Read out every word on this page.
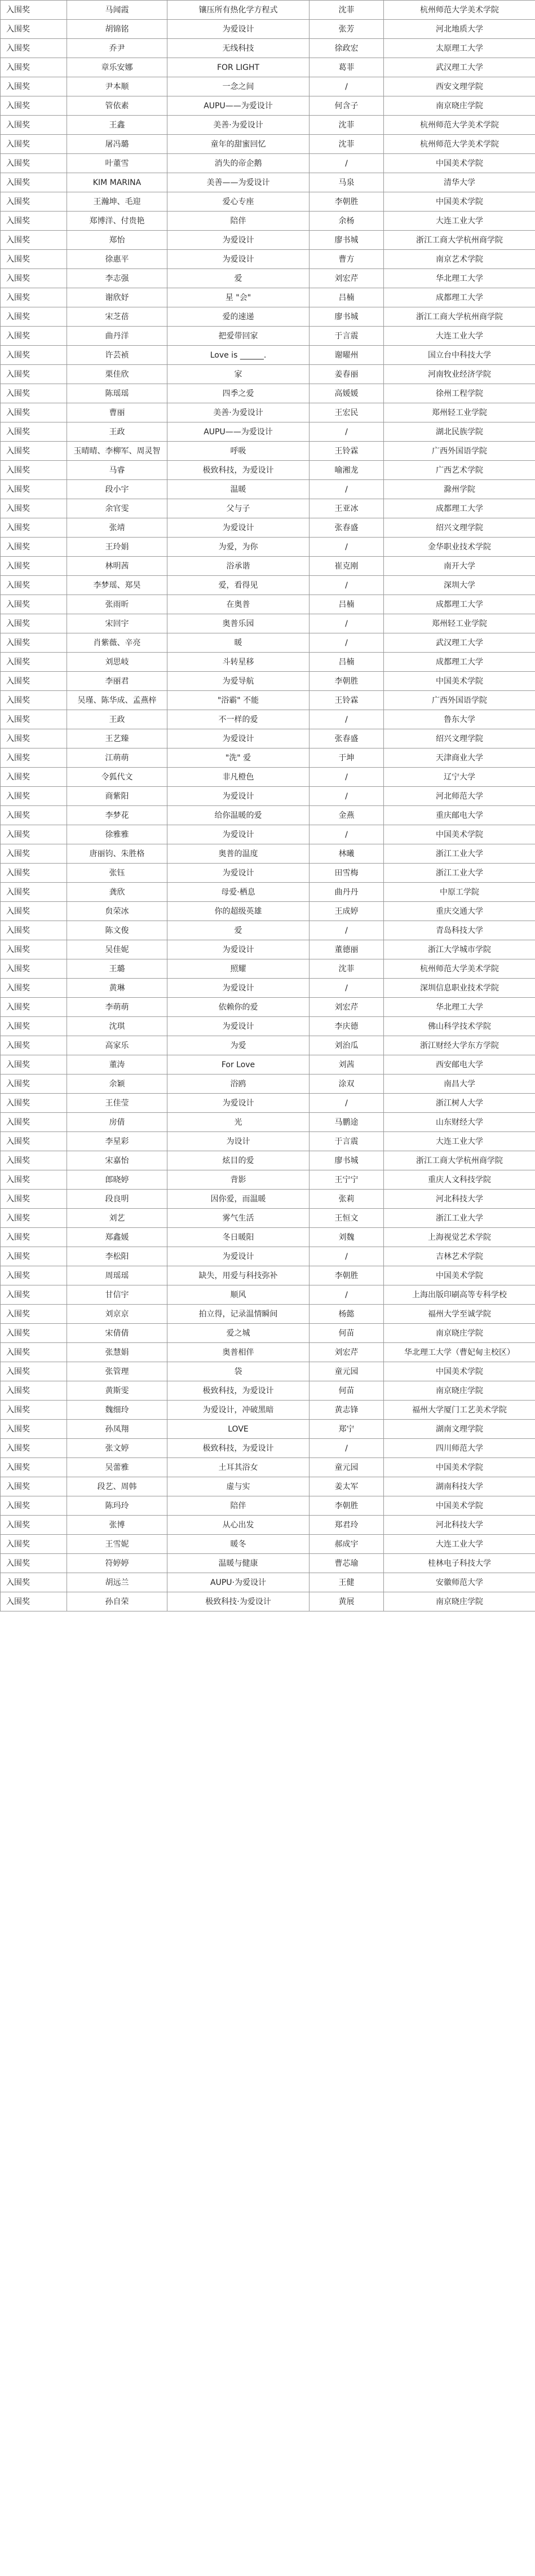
入围奖	马闻霞	镶压所有热化学方程式	沈菲	杭州师范大学美术学院
入围奖	胡锦铭	为爱设计	张芳	河北地质大学
入围奖	乔尹	无线科技	徐政宏	太原理工大学
入围奖	章乐安娜	FOR LIGHT	葛菲	武汉理工大学
入围奖	尹本顺	一念之间	/	西安文理学院
入围奖	管依素	AUPU——为爱设计	何含子	南京晓庄学院
入围奖	王鑫	美善·为爱设计	沈菲	杭州师范大学美术学院
入围奖	屠冯璐	童年的甜蜜回忆	沈菲	杭州师范大学美术学院
入围奖	叶董雪	消失的帝企鹅	/	中国美术学院
入围奖	KIM MARINA	美善——为爱设计	马泉	清华大学
入围奖	王瀚坤、毛迎	爱心专座	李朝胜	中国美术学院
入围奖	郑博洋、付贵艳	陪伴	余杨	大连工业大学
入围奖	郑怡	为爱设计	廖书城	浙江工商大学杭州商学院
入围奖	徐惠平	为爱设计	曹方	南京艺术学院
入围奖	李志强	爱	刘宏芹	华北理工大学
入围奖	谢欣妤	星 "会"	吕楠	成都理工大学
入围奖	宋芝蓓	爱的速递	廖书城	浙江工商大学杭州商学院
入围奖	曲丹洋	把爱带回家	于言震	大连工业大学
入围奖	许芸祯	Love is ______.	谢曜州	国立台中科技大学
入围奖	栗佳欣	家	姜春丽	河南牧业经济学院
入围奖	陈瑶瑶	四季之爱	高媛媛	徐州工程学院
入围奖	曹丽	美善·为爱设计	王宏民	郑州轻工业学院
入围奖	王政	AUPU——为爱设计	/	湖北民族学院
入围奖	玉晴晴、李柳军、周灵智	呼吸	王铃霖	广西外国语学院
入围奖	马睿	极致科技，为爱设计	喻湘龙	广西艺术学院
入围奖	段小宇	温暖	/	滁州学院
入围奖	余官雯	父与子	王亚冰	成都理工大学
入围奖	张靖	为爱设计	张春盛	绍兴文理学院
入围奖	王玲娟	为爱，为你	/	金华职业技术学院
入围奖	林明茜	浴承谐	崔克刚	南开大学
入围奖	李梦瑶、郑昊	爱，看得见	/	深圳大学
入围奖	张雨昕	在奥普	吕楠	成都理工大学
入围奖	宋回宇	奥普乐园	/	郑州轻工业学院
入围奖	肖紫薇、辛亮	暖	/	武汉理工大学
入围奖	刘思岐	斗转星移	吕楠	成都理工大学
入围奖	李丽君	为爱导航	李朝胜	中国美术学院
入围奖	吴瑾、陈华成、孟燕梓	"浴霸" 不能	王铃霖	广西外国语学院
入围奖	王政	不一样的爱	/	鲁东大学
入围奖	王艺臻	为爱设计	张春盛	绍兴文理学院
入围奖	江萌萌	"洗" 爱	于坤	天津商业大学
入围奖	令狐代文	非凡橙色	/	辽宁大学
入围奖	商紫阳	为爱设计	/	河北师范大学
入围奖	李梦花	给你温暖的爱	金燕	重庆邮电大学
入围奖	徐雅雅	为爱设计	/	中国美术学院
入围奖	唐丽钧、朱胜格	奥普的温度	林曦	浙江工业大学
入围奖	张钰	为爱设计	田雪梅	浙江工业大学
入围奖	龚欣	母爱·栖息	曲丹丹	中原工学院
入围奖	贠荣冰	你的超级英雄	王成婷	重庆交通大学
入围奖	陈文俊	爱	/	青岛科技大学
入围奖	吴佳妮	为爱设计	董德丽	浙江大学城市学院
入围奖	王璐	照耀	沈菲	杭州师范大学美术学院
入围奖	黄琳	为爱设计	/	深圳信息职业技术学院
入围奖	李萌萌	依赖你的爱	刘宏芹	华北理工大学
入围奖	沈琪	为爱设计	李庆德	佛山科学技术学院
入围奖	高家乐	为爱	刘治瓜	浙江财经大学东方学院
入围奖	董涛	For Love	刘茜	西安邮电大学
入围奖	余颖	浴鸥	涂双	南昌大学
入围奖	王佳莹	为爱设计	/	浙江树人大学
入围奖	房倩	光	马鹏途	山东财经大学
入围奖	李星彩	为设计	于言震	大连工业大学
入围奖	宋嘉怡	炫目的爱	廖书城	浙江工商大学杭州商学院
入围奖	郎晓婷	背影	王宁宁	重庆人文科技学院
入围奖	段良明	因你爱，而温暖	张莉	河北科技大学
入围奖	刘艺	雾气生活	王恒文	浙江工业大学
入围奖	郑鑫媛	冬日暖阳	刘魏	上海视觉艺术学院
入围奖	李松阳	为爱设计	/	吉林艺术学院
入围奖	周瑶瑶	缺失，用爱与科技弥补	李朝胜	中国美术学院
入围奖	甘信宇	顺风	/	上海出版印刷高等专科学校
入围奖	刘京京	拍立得，记录温情瞬间	杨懿	福州大学至诚学院
入围奖	宋倩倩	爱之城	何苗	南京晓庄学院
入围奖	张慧娟	奥普相伴	刘宏芹	华北理工大学（曹妃甸主校区）
入围奖	张管理	袋	童元园	中国美术学院
入围奖	黄斯雯	极致科技，为爱设计	何苗	南京晓庄学院
入围奖	魏细玲	为爱设计，冲破黑暗	黄志锋	福州大学厦门工艺美术学院
入围奖	孙凤翔	LOVE	郑宁	湖南文理学院
入围奖	张文婷	极致科技，为爱设计	/	四川师范大学
入围奖	吴蕾雅	土耳其浴女	童元园	中国美术学院
入围奖	段艺、周韩	虚与实	姜太军	湖南科技大学
入围奖	陈玛玲	陪伴	李朝胜	中国美术学院
入围奖	张博	从心出发	郑君玲	河北科技大学
入围奖	王雪妮	暖冬	郝成宇	大连工业大学
入围奖	符婷婷	温暖与健康	曹芯瑜	桂林电子科技大学
入围奖	胡远兰	AUPU·为爱设计	王健	安徽师范大学
入围奖	孙自荣	极致科技·为爱设计	黄展	南京晓庄学院
